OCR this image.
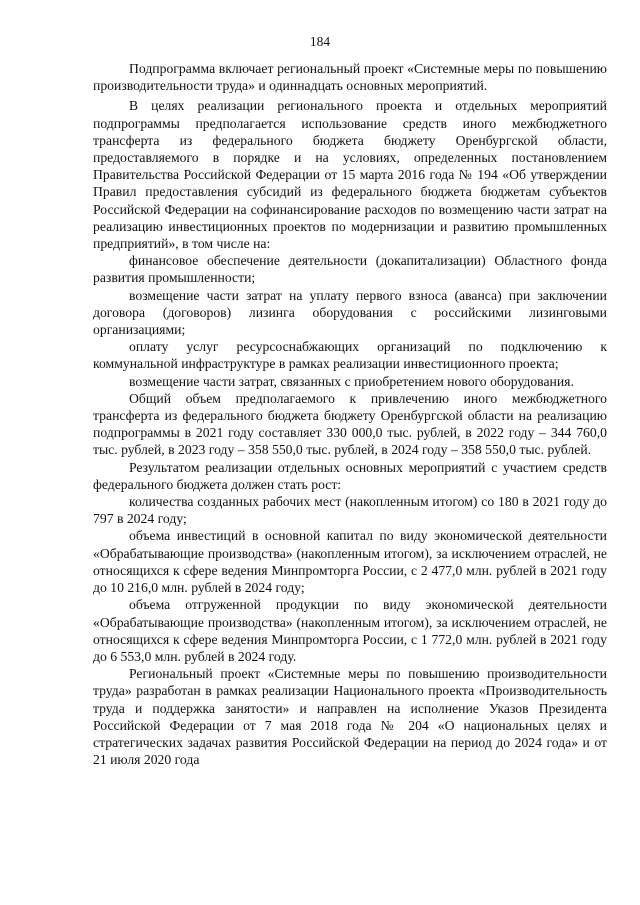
184

Подпрограмма включает региональный проект «Системные меры по повышению производительности труда» и одиннадцать основных мероприятий.

В целях реализации регионального проекта и отдельных мероприятий подпрограммы предполагается использование средств иного межбюджетного трансферта из федерального бюджета бюджету Оренбургской области, предоставляемого в порядке и на условиях, определенных постановлением Правительства Российской Федерации от 15 марта 2016 года № 194 «Об утверждении Правил предоставления субсидий из федерального бюджета бюджетам субъектов Российской Федерации на софинансирование расходов по возмещению части затрат на реализацию инвестиционных проектов по модернизации и развитию промышленных предприятий», в том числе на:

финансовое обеспечение деятельности (докапитализации) Областного фонда развития промышленности;

возмещение части затрат на уплату первого взноса (аванса) при заключении договора (договоров) лизинга оборудования с российскими лизинговыми организациями;

оплату услуг ресурсоснабжающих организаций по подключению к коммунальной инфраструктуре в рамках реализации инвестиционного проекта;

возмещение части затрат, связанных с приобретением нового оборудования.

Общий объем предполагаемого к привлечению иного межбюджетного трансферта из федерального бюджета бюджету Оренбургской области на реализацию подпрограммы в 2021 году составляет 330 000,0 тыс. рублей, в 2022 году – 344 760,0 тыс. рублей, в 2023 году – 358 550,0 тыс. рублей, в 2024 году – 358 550,0 тыс. рублей.

Результатом реализации отдельных основных мероприятий с участием средств федерального бюджета должен стать рост:

количества созданных рабочих мест (накопленным итогом) со 180 в 2021 году до 797 в 2024 году;

объема инвестиций в основной капитал по виду экономической деятельности «Обрабатывающие производства» (накопленным итогом), за исключением отраслей, не относящихся к сфере ведения Минпромторга России, с 2 477,0 млн. рублей в 2021 году до 10 216,0 млн. рублей в 2024 году;

объема отгруженной продукции по виду экономической деятельности «Обрабатывающие производства» (накопленным итогом), за исключением отраслей, не относящихся к сфере ведения Минпромторга России, с 1 772,0 млн. рублей в 2021 году до 6 553,0 млн. рублей в 2024 году.

Региональный проект «Системные меры по повышению производительности труда» разработан в рамках реализации Национального проекта «Производительность труда и поддержка занятости» и направлен на исполнение Указов Президента Российской Федерации от 7 мая 2018 года № 204 «О национальных целях и стратегических задачах развития Российской Федерации на период до 2024 года» и от 21 июля 2020 года
